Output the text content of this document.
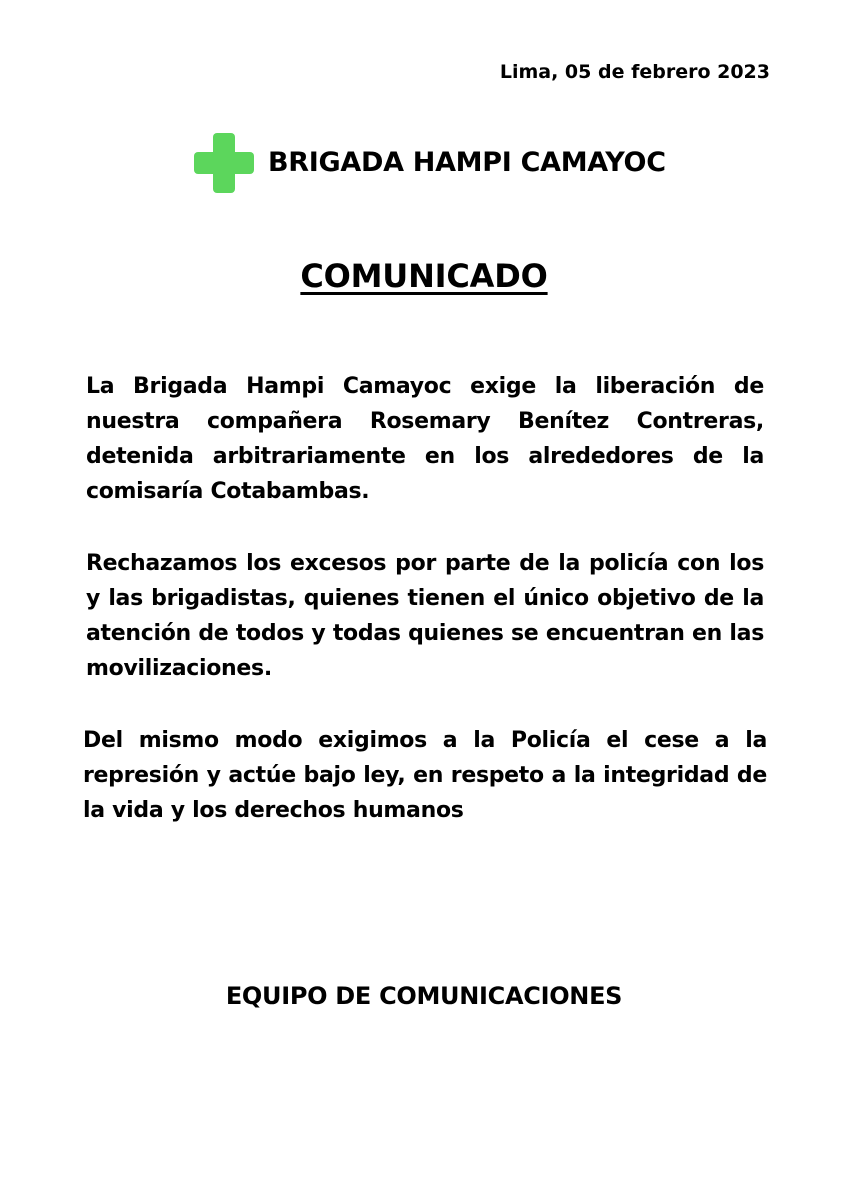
Lima, 05 de febrero 2023
BRIGADA HAMPI CAMAYOC
COMUNICADO

La Brigada Hampi Camayoc exige la liberación de nuestra compañera Rosemary Benítez Contreras, detenida arbitrariamente en los alrededores de la comisaría Cotabambas.

Rechazamos los excesos por parte de la policía con los y las brigadistas, quienes tienen el único objetivo de la atención de todos y todas quienes se encuentran en las movilizaciones.

Del mismo modo exigimos a la Policía el cese a la represión y actúe bajo ley, en respeto a la integridad de la vida y los derechos humanos

EQUIPO DE COMUNICACIONES
